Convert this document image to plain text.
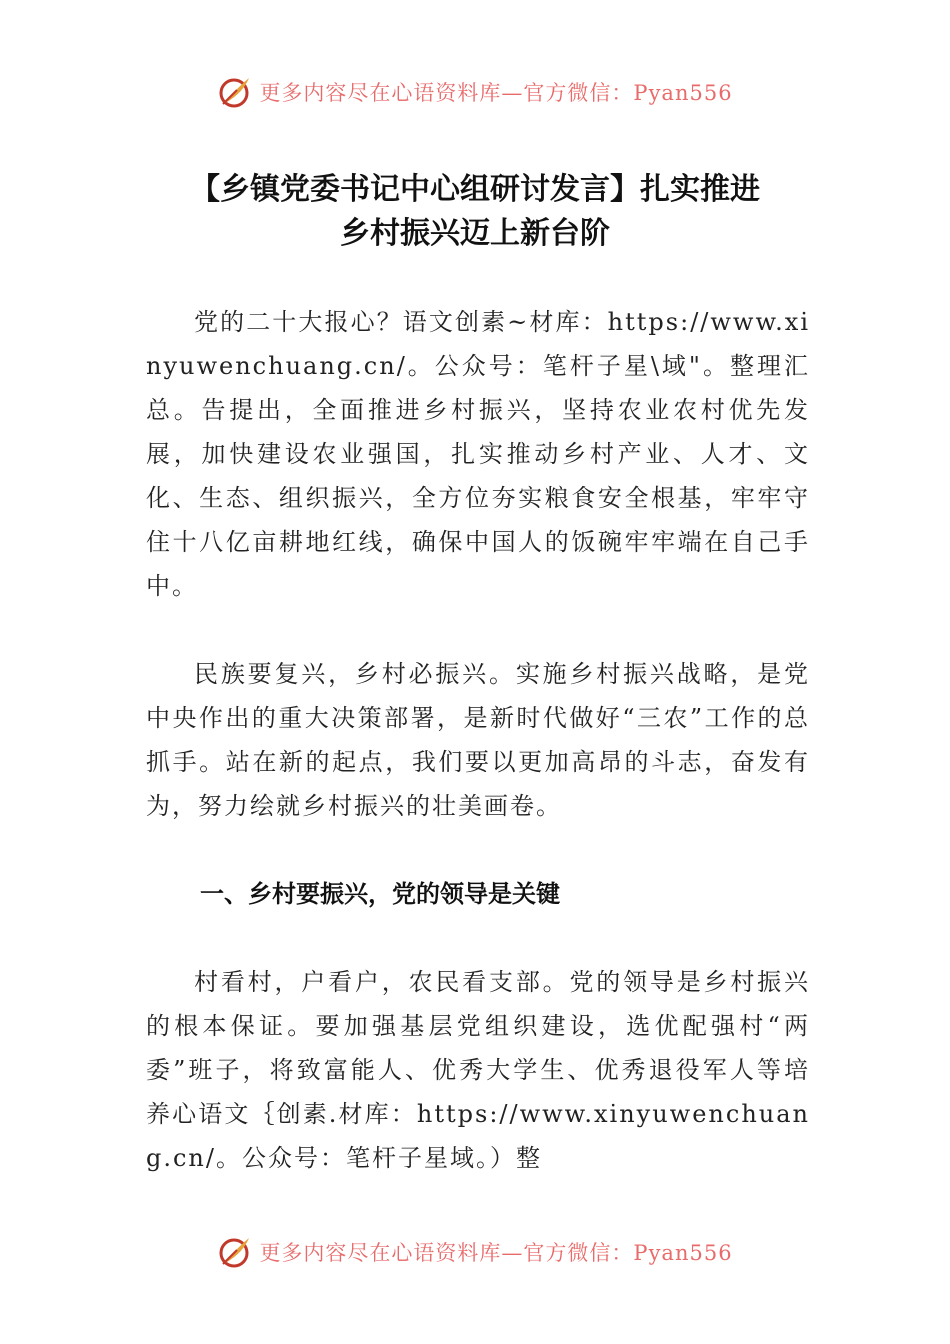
更多内容尽在心语资料库—官方微信：Pyan556
【乡镇党委书记中心组研讨发言】扎实推进
乡村振兴迈上新台阶

党的二十大报心？语文创素~材库：https://www.xinyuwenchuang.cn/。公众号：笔杆子星\域"。整理汇总。告提出，全面推进乡村振兴，坚持农业农村优先发展，加快建设农业强国，扎实推动乡村产业、人才、文化、生态、组织振兴，全方位夯实粮食安全根基，牢牢守住十八亿亩耕地红线，确保中国人的饭碗牢牢端在自己手中。

民族要复兴，乡村必振兴。实施乡村振兴战略，是党中央作出的重大决策部署，是新时代做好“三农”工作的总抓手。站在新的起点，我们要以更加高昂的斗志，奋发有为，努力绘就乡村振兴的壮美画卷。

一、乡村要振兴，党的领导是关键

村看村，户看户，农民看支部。党的领导是乡村振兴的根本保证。要加强基层党组织建设，选优配强村“两委”班子，将致富能人、优秀大学生、优秀退役军人等培养心语文｛创素.材库：https://www.xinyuwenchuang.cn/。公众号：笔杆子星域。）整

更多内容尽在心语资料库—官方微信：Pyan556
